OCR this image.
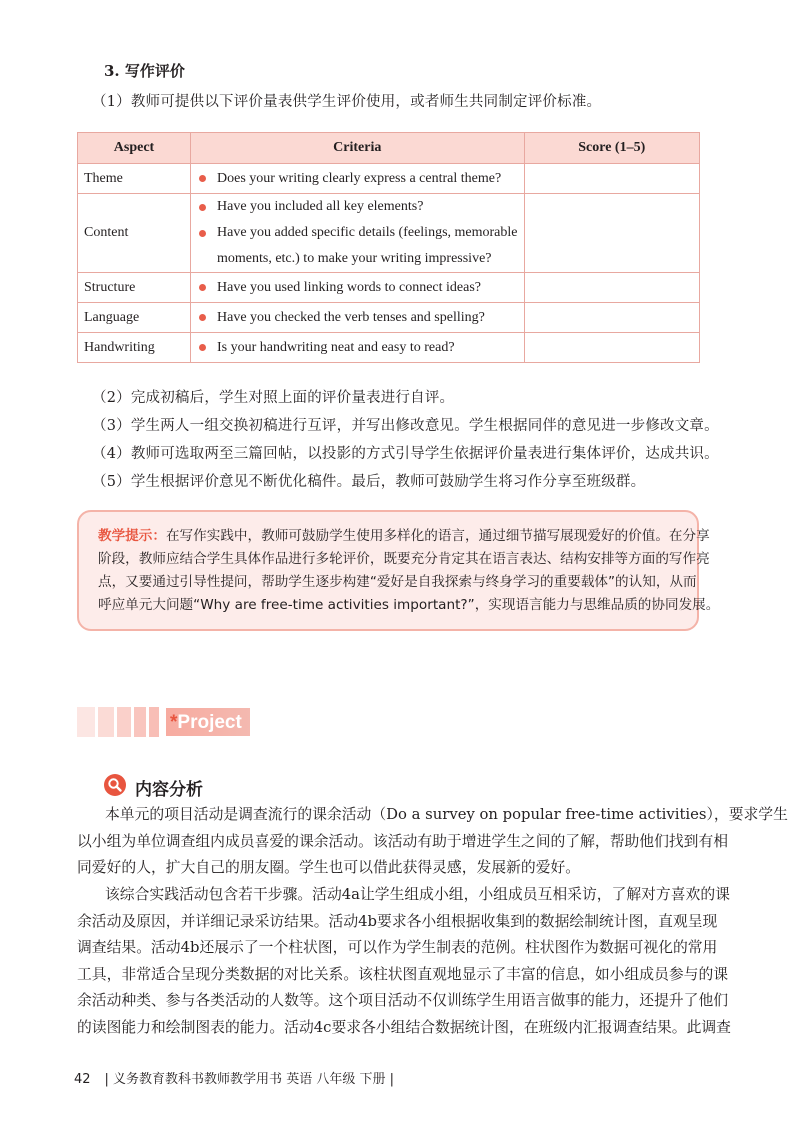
3. 写作评价
（1）教师可提供以下评价量表供学生评价使用，或者师生共同制定评价标准。
Aspect	Criteria	Score (1–5)
Theme	Does your writing clearly express a central theme?	

Content	Have you included all key elements?
Have you added specific details (feelings, memorable
moments, etc.) to make your writing impressive?	

Structure	Have you used linking words to connect ideas?	

Language	Have you checked the verb tenses and spelling?	

Handwriting	Is your handwriting neat and easy to read?	

（2）完成初稿后，学生对照上面的评价量表进行自评。
（3）学生两人一组交换初稿进行互评，并写出修改意见。学生根据同伴的意见进一步修改文章。
（4）教师可选取两至三篇回帖，以投影的方式引导学生依据评价量表进行集体评价，达成共识。
（5）学生根据评价意见不断优化稿件。最后，教师可鼓励学生将习作分享至班级群。
教学提示：在写作实践中，教师可鼓励学生使用多样化的语言，通过细节描写展现爱好的价值。在分享
阶段，教师应结合学生具体作品进行多轮评价，既要充分肯定其在语言表达、结构安排等方面的写作亮
点，又要通过引导性提问，帮助学生逐步构建“爱好是自我探索与终身学习的重要载体”的认知，从而
呼应单元大问题“Why are free-time activities important?”，实现语言能力与思维品质的协同发展。
*Project
内容分析
本单元的项目活动是调查流行的课余活动（Do a survey on popular free-time activities），要求学生
以小组为单位调查组内成员喜爱的课余活动。该活动有助于增进学生之间的了解，帮助他们找到有相
同爱好的人，扩大自己的朋友圈。学生也可以借此获得灵感，发展新的爱好。
该综合实践活动包含若干步骤。活动4a让学生组成小组，小组成员互相采访，了解对方喜欢的课
余活动及原因，并详细记录采访结果。活动4b要求各小组根据收集到的数据绘制统计图，直观呈现
调查结果。活动4b还展示了一个柱状图，可以作为学生制表的范例。柱状图作为数据可视化的常用
工具，非常适合呈现分类数据的对比关系。该柱状图直观地显示了丰富的信息，如小组成员参与的课
余活动种类、参与各类活动的人数等。这个项目活动不仅训练学生用语言做事的能力，还提升了他们
的读图能力和绘制图表的能力。活动4c要求各小组结合数据统计图，在班级内汇报调查结果。此调查
42 | 义务教育教科书教师教学用书 英语 八年级 下册 |
